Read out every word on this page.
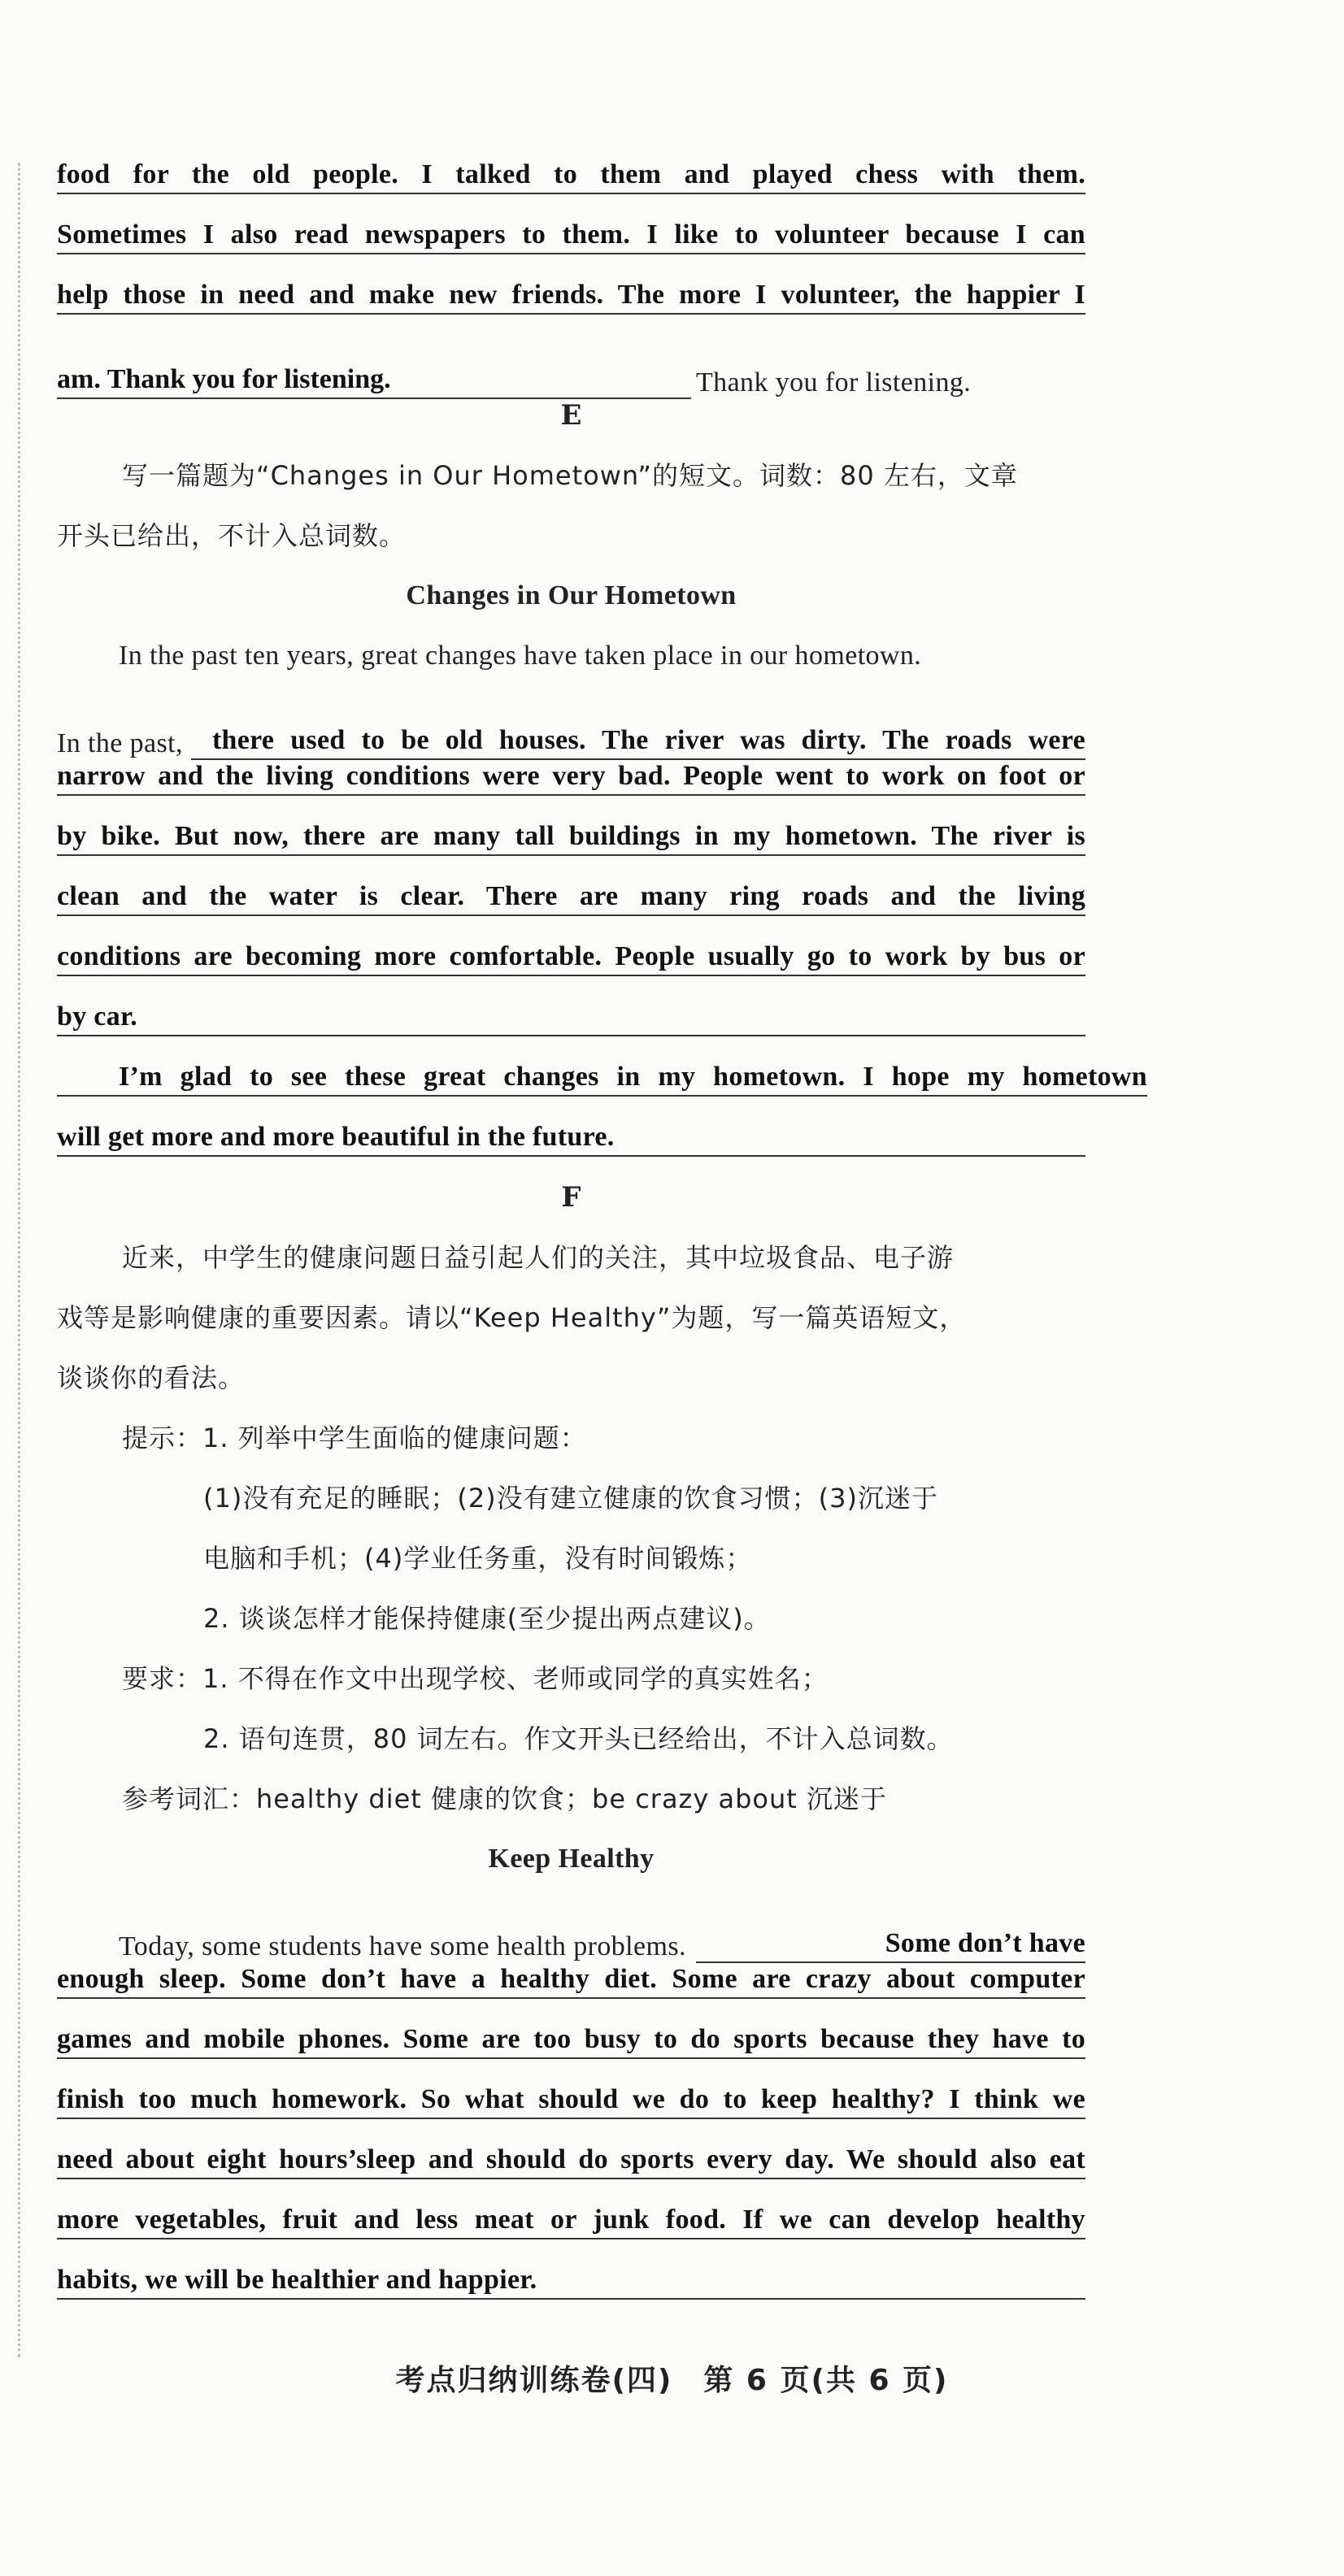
food for the old people. I talked to them and played chess with them.
Sometimes I also read newspapers to them. I like to volunteer because I can
help those in need and make new friends. The more I volunteer, the happier I
am. Thank you for listening.	Thank you for listening.
E
写一篇题为“Changes in Our Hometown”的短文。词数：80 左右，文章
开头已给出，不计入总词数。
Changes in Our Hometown
In the past ten years, great changes have taken place in our hometown.
In the past,	there used to be old houses. The river was dirty. The roads were
narrow and the living conditions were very bad. People went to work on foot or
by bike. But now, there are many tall buildings in my hometown. The river is
clean and the water is clear. There are many ring roads and the living
conditions are becoming more comfortable. People usually go to work by bus or
by car.
I’m glad to see these great changes in my hometown. I hope my hometown
will get more and more beautiful in the future.
F
近来，中学生的健康问题日益引起人们的关注，其中垃圾食品、电子游
戏等是影响健康的重要因素。请以“Keep Healthy”为题，写一篇英语短文，
谈谈你的看法。
提示：1. 列举中学生面临的健康问题：
(1)没有充足的睡眠；(2)没有建立健康的饮食习惯；(3)沉迷于
电脑和手机；(4)学业任务重，没有时间锻炼；
2. 谈谈怎样才能保持健康(至少提出两点建议)。
要求：1. 不得在作文中出现学校、老师或同学的真实姓名；
2. 语句连贯，80 词左右。作文开头已经给出，不计入总词数。
参考词汇：healthy diet 健康的饮食；be crazy about 沉迷于
Keep Healthy
Today, some students have some health problems.	Some don’t have
enough sleep. Some don’t have a healthy diet. Some are crazy about computer
games and mobile phones. Some are too busy to do sports because they have to
finish too much homework. So what should we do to keep healthy? I think we
need about eight hours’sleep and should do sports every day. We should also eat
more vegetables, fruit and less meat or junk food. If we can develop healthy
habits, we will be healthier and happier.
考点归纳训练卷(四)　第 6 页(共 6 页)
